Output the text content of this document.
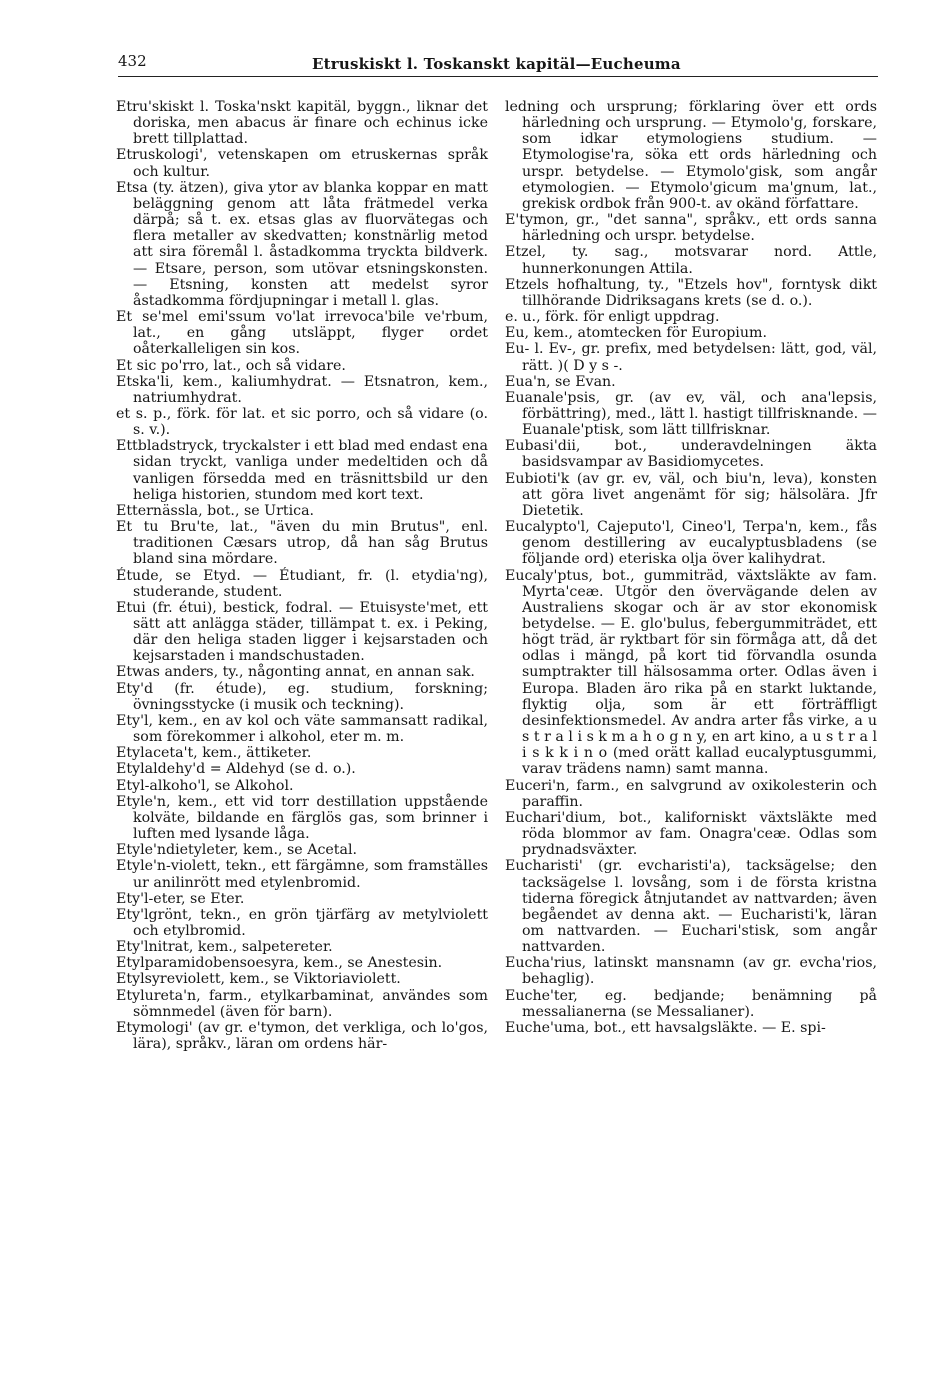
432	Etruskiskt l. Toskanskt kapitäl—Eucheuma

Etru'skiskt l. Toska'nskt kapitäl, byggn., liknar det doriska, men abacus är finare och echinus icke brett tillplattad.

Etruskologi', vetenskapen om etruskernas språk och kultur.

Etsa (ty. ätzen), giva ytor av blanka koppar en matt beläggning genom att låta frätmedel verka därpå; så t. ex. etsas glas av fluorvätegas och flera metaller av skedvatten; konstnärlig metod att sira föremål l. åstadkomma tryckta bildverk. — Etsare, person, som utövar etsningskonsten. — Etsning, konsten att medelst syror åstadkomma fördjupningar i metall l. glas.

Et se'mel emi'ssum vo'lat irrevoca'bile ve'rbum, lat., en gång utsläppt, flyger ordet oåterkalleligen sin kos.

Et sic po'rro, lat., och så vidare.

Etska'li, kem., kaliumhydrat. — Etsnatron, kem., natriumhydrat.

et s. p., förk. för lat. et sic porro, och så vidare (o. s. v.).

Ettbladstryck, tryckalster i ett blad med endast ena sidan tryckt, vanliga under medeltiden och då vanligen försedda med en träsnittsbild ur den heliga historien, stundom med kort text.

Etternässla, bot., se Urtica.

Et tu Bru'te, lat., "även du min Brutus", enl. traditionen Cæsars utrop, då han såg Brutus bland sina mördare.

Étude, se Etyd. — Étudiant, fr. (l. etydia'ng), studerande, student.

Etui (fr. étui), bestick, fodral. — Etuisyste'met, ett sätt att anlägga städer, tillämpat t. ex. i Peking, där den heliga staden ligger i kejsarstaden och kejsarstaden i mandschustaden.

Etwas anders, ty., någonting annat, en annan sak.

Ety'd (fr. étude), eg. studium, forskning; övningsstycke (i musik och teckning).

Ety'l, kem., en av kol och väte sammansatt radikal, som förekommer i alkohol, eter m. m.

Etylaceta't, kem., ättiketer.

Etylaldehy'd = Aldehyd (se d. o.).

Etyl-alkoho'l, se Alkohol.

Etyle'n, kem., ett vid torr destillation uppstående kolväte, bildande en färglös gas, som brinner i luften med lysande låga.

Etyle'ndietyleter, kem., se Acetal.

Etyle'n-violett, tekn., ett färgämne, som framställes ur anilinrött med etylenbromid.

Ety'l-eter, se Eter.

Ety'lgrönt, tekn., en grön tjärfärg av metylviolett och etylbromid.

Ety'lnitrat, kem., salpetereter.

Etylparamidobensoesyra, kem., se Anestesin.

Etylsyreviolett, kem., se Viktoriaviolett.

Etylureta'n, farm., etylkarbaminat, användes som sömnmedel (även för barn).

Etymologi' (av gr. e'tymon, det verkliga, och lo'gos, lära), språkv., läran om ordens här-

ledning och ursprung; förklaring över ett ords härledning och ursprung. — Etymolo'g, forskare, som idkar etymologiens studium. — Etymologise'ra, söka ett ords härledning och urspr. betydelse. — Etymolo'gisk, som angår etymologien. — Etymolo'gicum ma'gnum, lat., grekisk ordbok från 900-t. av okänd författare.

E'tymon, gr., "det sanna", språkv., ett ords sanna härledning och urspr. betydelse.

Etzel, ty. sag., motsvarar nord. Attle, hunnerkonungen Attila.

Etzels hofhaltung, ty., "Etzels hov", forntysk dikt tillhörande Didriksagans krets (se d. o.).

e. u., förk. för enligt uppdrag.

Eu, kem., atomtecken för Europium.

Eu- l. Ev-, gr. prefix, med betydelsen: lätt, god, väl, rätt. )( D y s -.

Eua'n, se Evan.

Euanale'psis, gr. (av ev, väl, och ana'lepsis, förbättring), med., lätt l. hastigt tillfrisknande. — Euanale'ptisk, som lätt tillfrisknar.

Eubasi'dii, bot., underavdelningen äkta basidsvampar av Basidiomycetes.

Eubioti'k (av gr. ev, väl, och biu'n, leva), konsten att göra livet angenämt för sig; hälsolära. Jfr Dietetik.

Eucalypto'l, Cajeputo'l, Cineo'l, Terpa'n, kem., fås genom destillering av eucalyptusbladens (se följande ord) eteriska olja över kalihydrat.

Eucaly'ptus, bot., gummiträd, växtsläkte av fam. Myrta'ceæ. Utgör den övervägande delen av Australiens skogar och är av stor ekonomisk betydelse. — E. glo'bulus, febergummiträdet, ett högt träd, är ryktbart för sin förmåga att, då det odlas i mängd, på kort tid förvandla osunda sumptrakter till hälsosamma orter. Odlas även i Europa. Bladen äro rika på en starkt luktande, flyktig olja, som är ett förträffligt desinfektionsmedel. Av andra arter fås virke, a u s t r a l i s k m a h o g n y, en art kino, a u s t r a l i s k k i n o (med orätt kallad eucalyptusgummi, varav trädens namn) samt manna.

Euceri'n, farm., en salvgrund av oxikolesterin och paraffin.

Euchari'dium, bot., kaliforniskt växtsläkte med röda blommor av fam. Onagra'ceæ. Odlas som prydnadsväxter.

Eucharisti' (gr. evcharisti'a), tacksägelse; den tacksägelse l. lovsång, som i de första kristna tiderna föregick åtnjutandet av nattvarden; även begåendet av denna akt. — Eucharisti'k, läran om nattvarden. — Euchari'stisk, som angår nattvarden.

Eucha'rius, latinskt mansnamn (av gr. evcha'rios, behaglig).

Euche'ter, eg. bedjande; benämning på messalianerna (se Messalianer).

Euche'uma, bot., ett havsalgsläkte. — E. spi-
